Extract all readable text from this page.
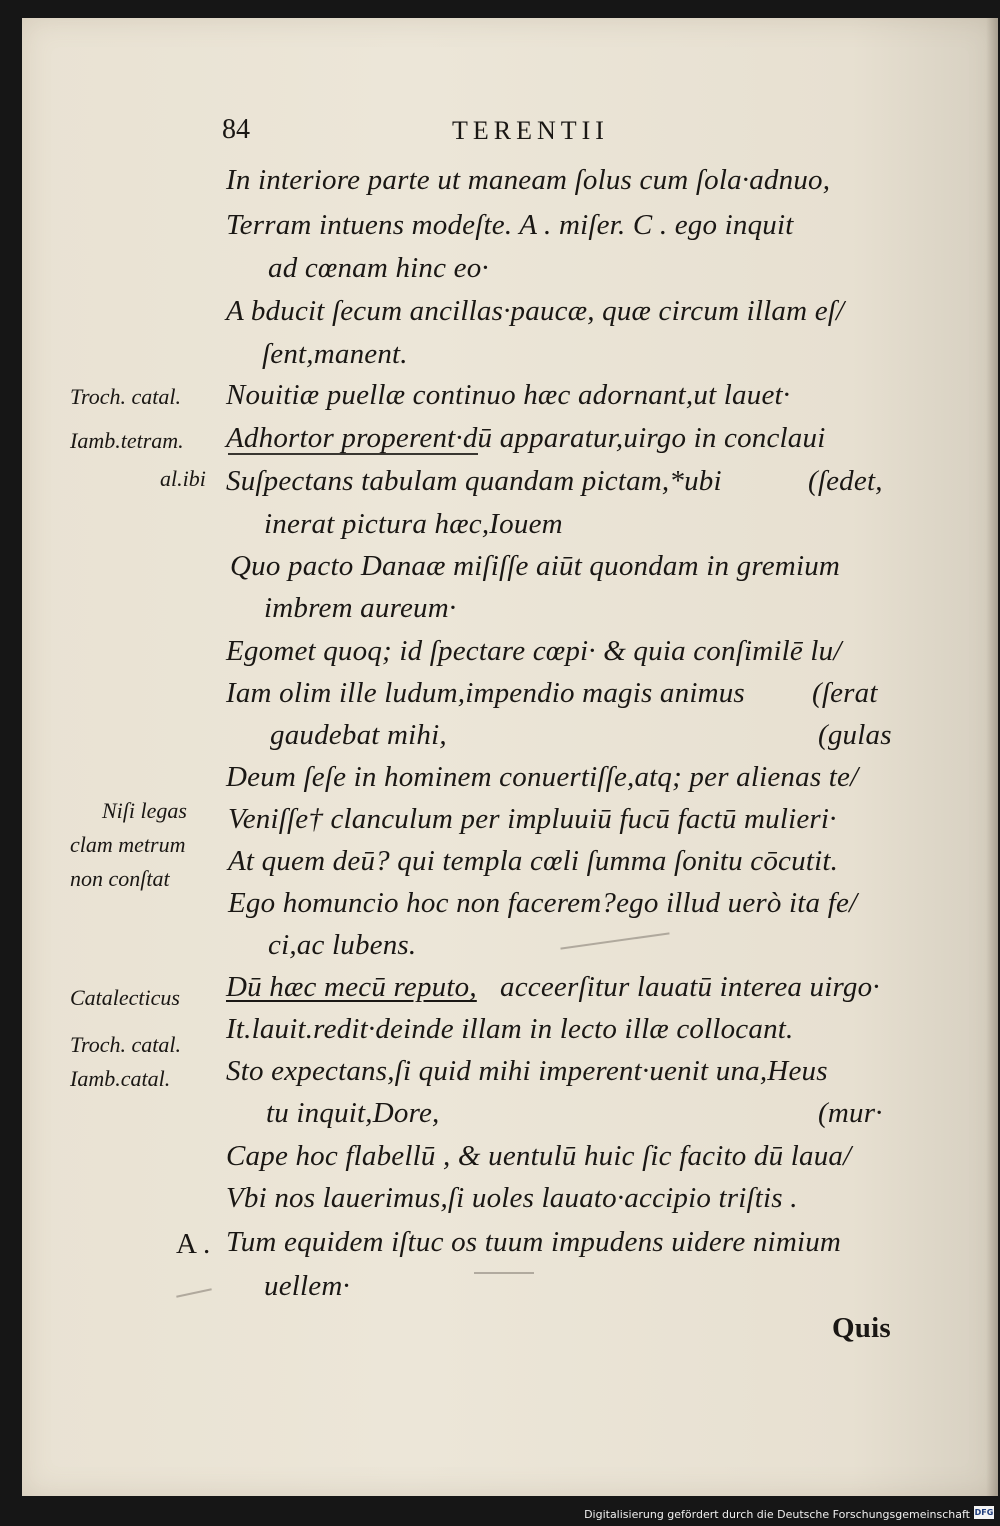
84	TERENTII
In interiore parte ut maneam ſolus cum ſola·adnuo,
Terram intuens modeſte. A . miſer. C . ego inquit
ad cœnam hinc eo·
A bducit ſecum ancillas·paucæ, quæ circum illam eſ/
ſent,manent.
Nouitiæ puellæ continuo hæc adornant,ut lauet·
Adhortor properent·dū apparatur,uirgo in conclaui
Suſpectans tabulam quandam pictam,*ubi	(ſedet,
inerat pictura hæc,Iouem
Quo pacto Danaæ miſiſſe aiūt quondam in gremium
imbrem aureum·
Egomet quoq; id ſpectare cœpi· & quia conſimilē lu/
Iam olim ille ludum,impendio magis animus (ſerat
gaudebat mihi,	(gulas
Deum ſeſe in hominem conuertiſſe,atq; per alienas te/
Veniſſe† clanculum per impluuiū fucū factū mulieri·
At quem deū? qui templa cœli ſumma ſonitu cōcutit.
Ego homuncio hoc non facerem?ego illud uerò ita fe/
ci,ac lubens.
Dū hæc mecū reputo, acceerſitur lauatū interea uirgo·
It.lauit.redit·deinde illam in lecto illæ collocant.
Sto expectans,ſi quid mihi imperent·uenit una,Heus
tu inquit,Dore,	(mur·
Cape hoc flabellū , & uentulū huic ſic facito dū laua/
Vbi nos lauerimus,ſi uoles lauato·accipio triſtis .
Tum equidem iſtuc os tuum impudens uidere nimium
uellem·
Troch. catal.
Iamb.tetram.
al.ibi
Niſi legas
clam metrum
non conſtat
Catalecticus
Troch. catal.
Iamb.catal.
A .
Quis
Digitalisierung gefördert durch die Deutsche Forschungsgemeinschaft DFG
